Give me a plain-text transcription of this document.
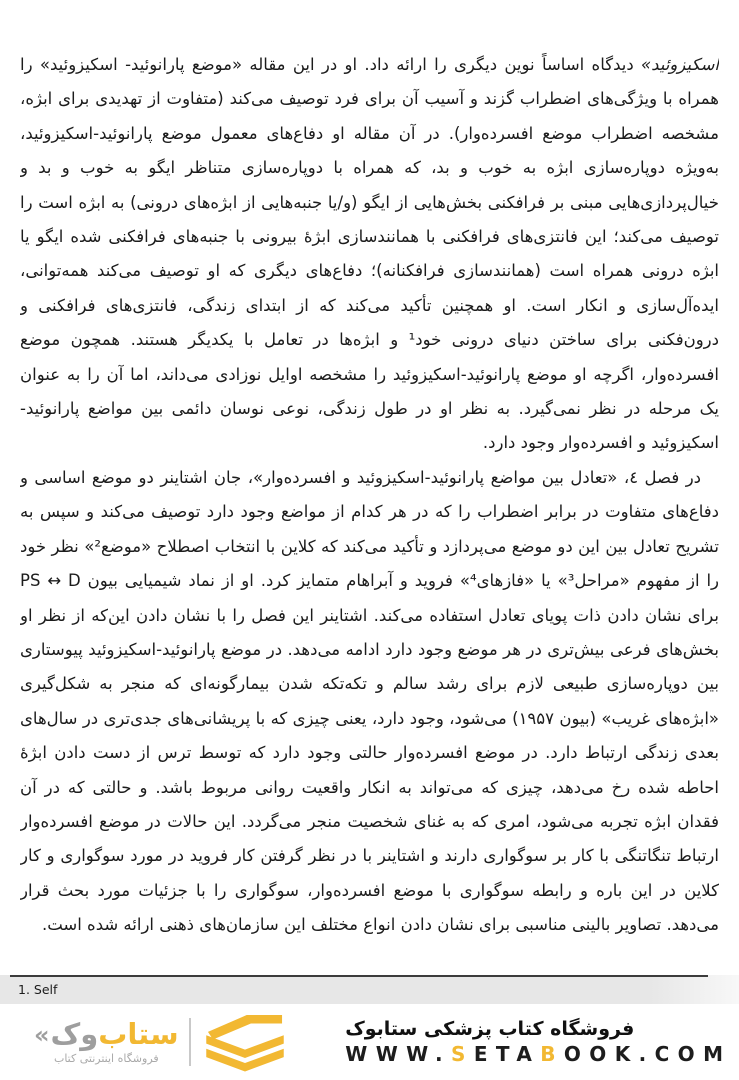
اسکیزوئید» دیدگاه اساساً نوین دیگری را ارائه داد. او در این مقاله «موضع پارانوئید- اسکیزوئید» را همراه با ویژگی‌های اضطراب گزند و آسیب آن برای فرد توصیف می‌کند (متفاوت از تهدیدی برای ابژه، مشخصه اضطراب موضع افسرده‌وار). در آن مقاله او دفاع‌های معمول موضع پارانوئید-اسکیزوئید، به‌ویژه دوپاره‌سازی ابژه به خوب و بد، که همراه با دوپاره‌سازی متناظر ایگو به خوب و بد و خیال‌پردازی‌هایی مبنی بر فرافکنی بخش‌هایی از ایگو (و/یا جنبه‌هایی از ابژه‌های درونی) به ابژه است را توصیف می‌کند؛ این فانتزی‌های فرافکنی با همانندسازی ابژهٔ بیرونی با جنبه‌های فرافکنی شده ایگو یا ابژه درونی همراه است (همانندسازی فرافکنانه)؛ دفاع‌های دیگری که او توصیف می‌کند همه‌توانی، ایده‌آل‌سازی و انکار است. او همچنین تأکید می‌کند که از ابتدای زندگی، فانتزی‌های فرافکنی و درون‌فکنی برای ساختن دنیای درونی خود¹ و ابژه‌ها در تعامل با یکدیگر هستند. همچون موضع افسرده‌وار، اگرچه او موضع پارانوئید-اسکیزوئید را مشخصه اوایل نوزادی می‌داند، اما آن را به عنوان یک مرحله در نظر نمی‌گیرد. به نظر او در طول زندگی، نوعی نوسان دائمی بین مواضع پارانوئید-اسکیزوئید و افسرده‌وار وجود دارد.

در فصل ٤، «تعادل بین مواضع پارانوئید-اسکیزوئید و افسرده‌وار»، جان اشتاینر دو موضع اساسی و دفاع‌های متفاوت در برابر اضطراب را که در هر کدام از مواضع وجود دارد توصیف می‌کند و سپس به تشریح تعادل بین این دو موضع می‌پردازد و تأکید می‌کند که کلاین با انتخاب اصطلاح «موضع²» نظر خود را از مفهوم «مراحل³» یا «فازهای⁴» فروید و آبراهام متمایز کرد. او از نماد شیمیایی بیون PS ↔ D برای نشان دادن ذات پویای تعادل استفاده می‌کند. اشتاینر این فصل را با نشان دادن این‌که از نظر او بخش‌های فرعی بیش‌تری در هر موضع وجود دارد ادامه می‌دهد. در موضع پارانوئید-اسکیزوئید پیوستاری بین دوپاره‌سازی طبیعی لازم برای رشد سالم و تکه‌تکه شدن بیمارگونه‌ای که منجر به شکل‌گیری «ابژه‌های غریب» (بیون ۱۹۵۷) می‌شود، وجود دارد، یعنی چیزی که با پریشانی‌های جدی‌تری در سال‌های بعدی زندگی ارتباط دارد. در موضع افسرده‌وار حالتی وجود دارد که توسط ترس از دست دادن ابژهٔ احاطه شده رخ می‌دهد، چیزی که می‌تواند به انکار واقعیت روانی مربوط باشد. و حالتی که در آن فقدان ابژه تجربه می‌شود، امری که به غنای شخصیت منجر می‌گردد. این حالات در موضع افسرده‌وار ارتباط تنگاتنگی با کار بر سوگواری دارند و اشتاینر با در نظر گرفتن کار فروید در مورد سوگواری و کار کلاین در این باره و رابطه سوگواری با موضع افسرده‌وار، سوگواری را با جزئیات مورد بحث قرار می‌دهد. تصاویر بالینی مناسبی برای نشان دادن انواع مختلف این سازمان‌های ذهنی ارائه شده است.

1. Self
« وک ستاب
فروشگاه اینترنتی کتاب
فروشگاه کتاب پزشکی ستابوک
WWW.SETABOOK.COM
